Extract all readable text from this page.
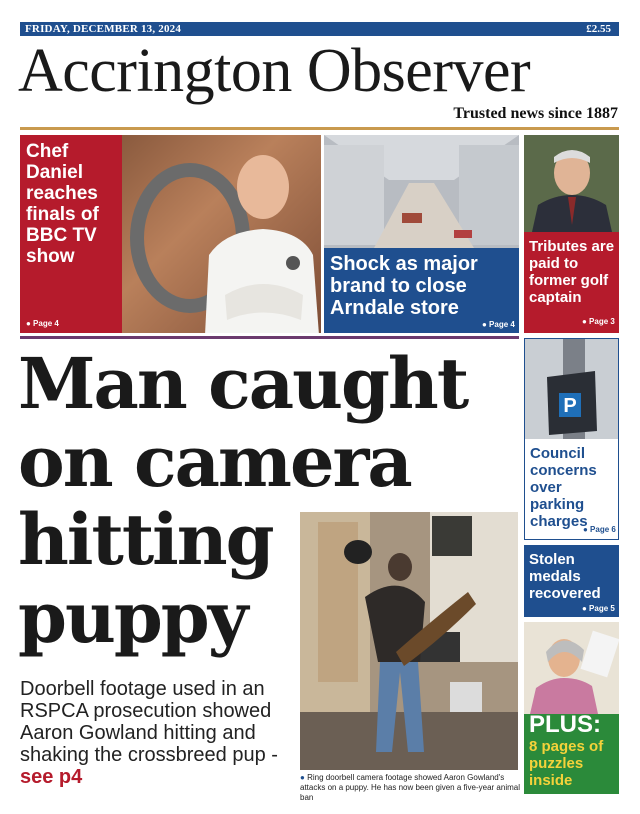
FRIDAY, DECEMBER 13, 2024	£2.55
Accrington Observer
Trusted news since 1887
Chef Daniel reaches finals of BBC TV show
● Page 4
Shock as major brand to close Arndale store
● Page 4
Tributes are paid to former golf captain
● Page 3
P
Council concerns over parking charges
● Page 6
Stolen medals recovered
● Page 5
PLUS:
8 pages of puzzles inside
Man caught
on camera
hitting
puppy
Doorbell footage used in an RSPCA prosecution showed Aaron Gowland hitting and shaking the crossbreed pup - see p4	● Ring doorbell camera footage showed Aaron Gowland's attacks on a puppy. He has now been given a five-year animal ban
